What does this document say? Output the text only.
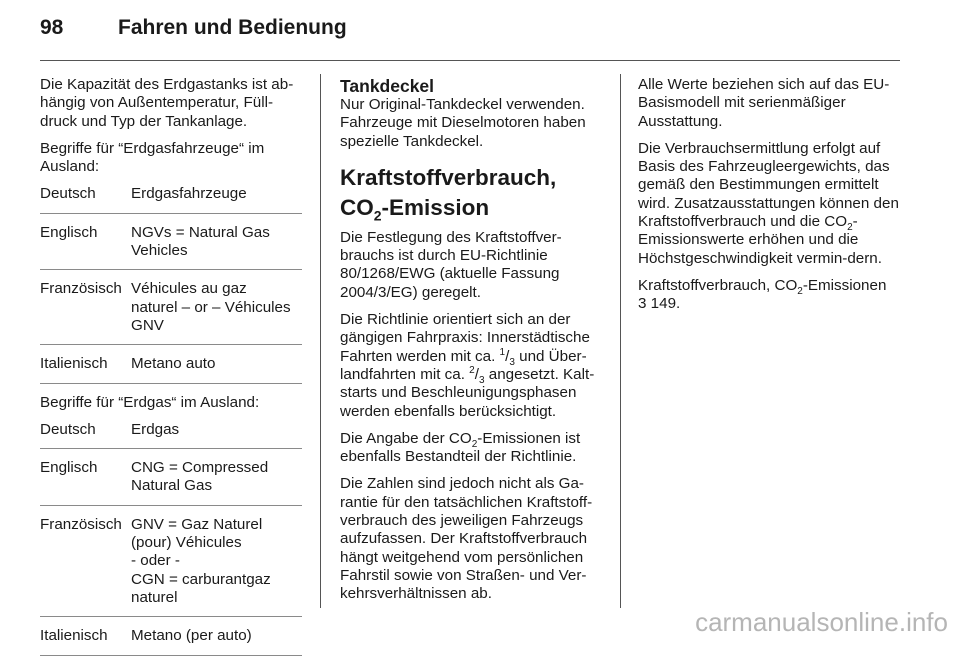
98	Fahren und Bedienung

Die Kapazität des Erdgastanks ist ab-hängig von Außentemperatur, Füll-druck und Typ der Tankanlage.

Begriffe für “Erdgasfahrzeuge“ im Ausland:

Deutsch	Erdgasfahrzeuge
Englisch	NGVs = Natural Gas
Vehicles
Französisch Véhicules au gaz
naturel – or – Véhicules
GNV
Italienisch	Metano auto

Begriffe für “Erdgas“ im Ausland:

Deutsch	Erdgas
Englisch	CNG = Compressed
Natural Gas
Französisch GNV = Gaz Naturel
(pour) Véhicules
- oder -
CGN = carburantgaz
naturel
Italienisch	Metano (per auto)
Tankdeckel

Nur Original-Tankdeckel verwenden. Fahrzeuge mit Dieselmotoren haben spezielle Tankdeckel.

Kraftstoffverbrauch,
$CO_2$-Emission

Die Festlegung des Kraftstoffver-brauchs ist durch EU-Richtlinie 80/1268/EWG (aktuelle Fassung 2004/3/EG) geregelt.

Die Richtlinie orientiert sich an der gängigen Fahrpraxis: Innerstädtische Fahrten werden mit ca. $^1/_3$ und Über-landfahrten mit ca. $^2/_3$ angesetzt. Kalt-starts und Beschleunigungsphasen werden ebenfalls berücksichtigt.

Die Angabe der $CO_2$-Emissionen ist ebenfalls Bestandteil der Richtlinie.

Die Zahlen sind jedoch nicht als Ga-rantie für den tatsächlichen Kraftstoff-verbrauch des jeweiligen Fahrzeugs aufzufassen. Der Kraftstoffverbrauch hängt weitgehend vom persönlichen Fahrstil sowie von Straßen- und Ver-kehrsverhältnissen ab.

Alle Werte beziehen sich auf das EU-Basismodell mit serienmäßiger Ausstattung.

Die Verbrauchsermittlung erfolgt auf Basis des Fahrzeugleergewichts, das gemäß den Bestimmungen ermittelt wird. Zusatzausstattungen können den Kraftstoffverbrauch und die $CO_2$-Emissionswerte erhöhen und die Höchstgeschwindigkeit vermin-dern.

Kraftstoffverbrauch, $CO_2$-Emissionen
3 149.

carmanualsonline.info
